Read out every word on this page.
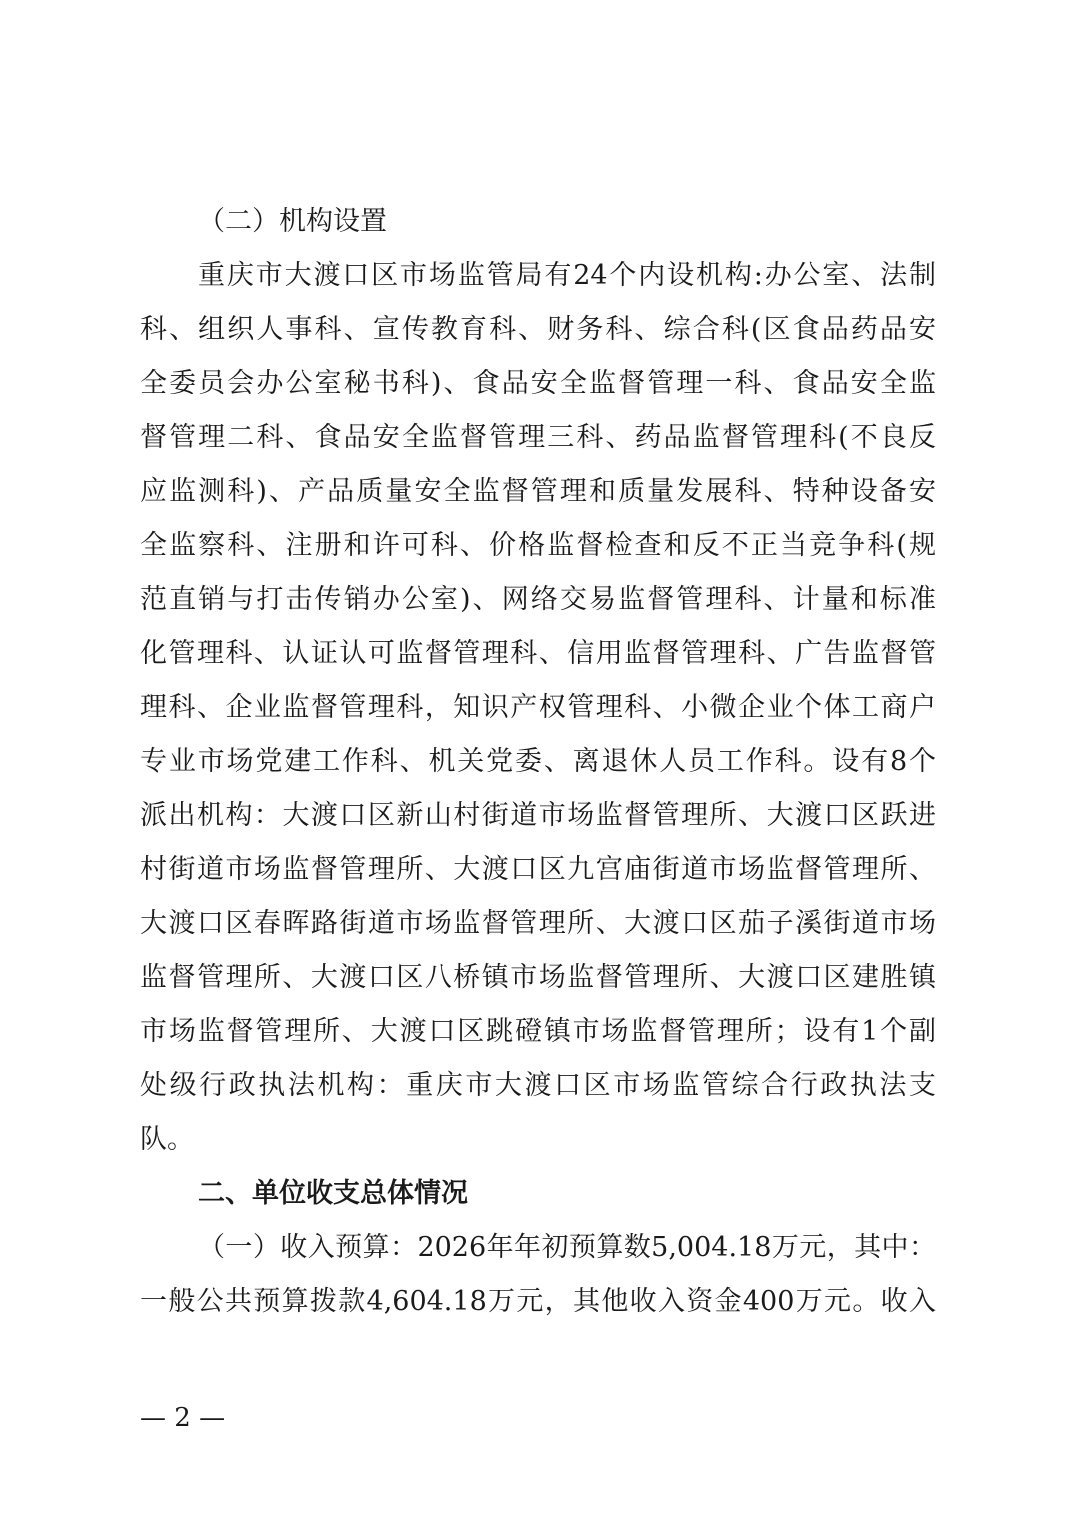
（二）机构设置
重庆市大渡口区市场监管局有24个内设机构:办公室、法制
科、组织人事科、宣传教育科、财务科、综合科(区食品药品安
全委员会办公室秘书科)、食品安全监督管理一科、食品安全监
督管理二科、食品安全监督管理三科、药品监督管理科(不良反
应监测科)、产品质量安全监督管理和质量发展科、特种设备安
全监察科、注册和许可科、价格监督检查和反不正当竞争科(规
范直销与打击传销办公室)、网络交易监督管理科、计量和标准
化管理科、认证认可监督管理科、信用监督管理科、广告监督管
理科、企业监督管理科，知识产权管理科、小微企业个体工商户
专业市场党建工作科、机关党委、离退休人员工作科。设有8个
派出机构：大渡口区新山村街道市场监督管理所、大渡口区跃进
村街道市场监督管理所、大渡口区九宫庙街道市场监督管理所、
大渡口区春晖路街道市场监督管理所、大渡口区茄子溪街道市场
监督管理所、大渡口区八桥镇市场监督管理所、大渡口区建胜镇
市场监督管理所、大渡口区跳磴镇市场监督管理所；设有1个副
处级行政执法机构：重庆市大渡口区市场监管综合行政执法支
队。
二、单位收支总体情况
（一）收入预算：2026年年初预算数5,004.18万元，其中：
一般公共预算拨款4,604.18万元，其他收入资金400万元。收入
— 2 —
